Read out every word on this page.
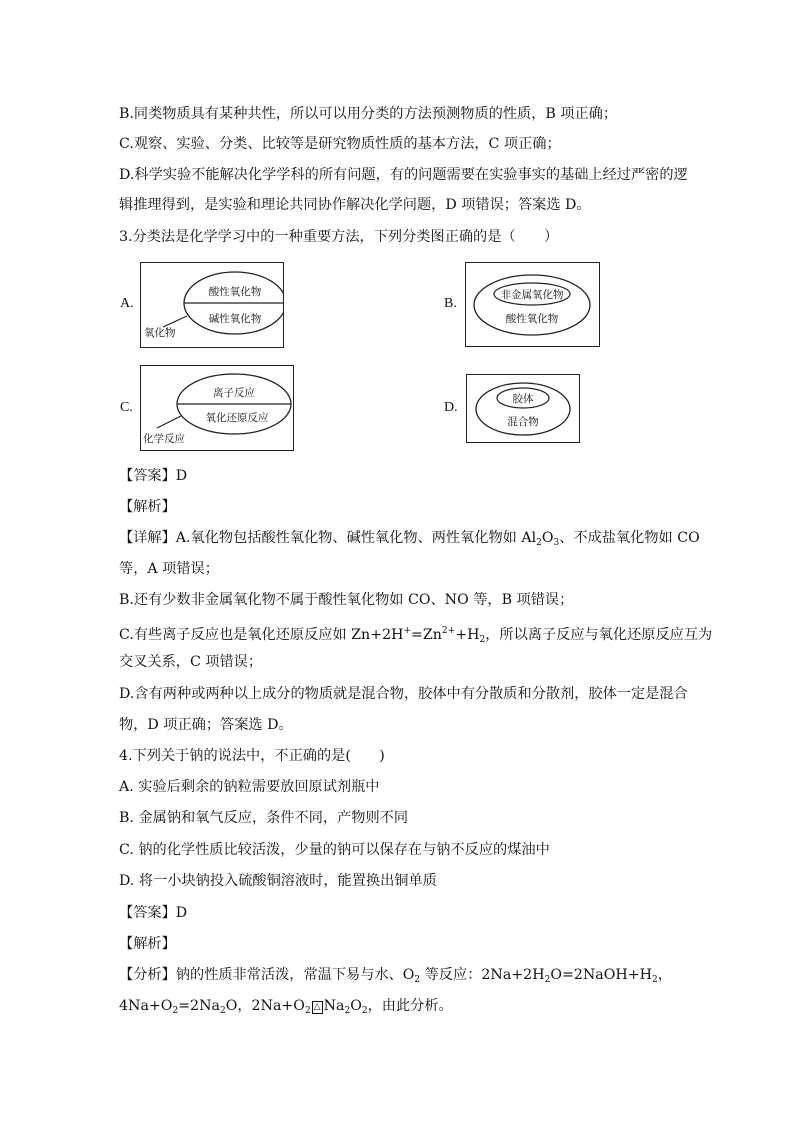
B.同类物质具有某种共性，所以可以用分类的方法预测物质的性质，B 项正确；
C.观察、实验、分类、比较等是研究物质性质的基本方法，C 项正确；
D.科学实验不能解决化学学科的所有问题，有的问题需要在实验事实的基础上经过严密的逻
辑推理得到，是实验和理论共同协作解决化学问题，D 项错误；答案选 D。
3.分类法是化学学习中的一种重要方法，下列分类图正确的是（　　）
A.
酸性氧化物
碱性氧化物
氧化物
B.
非金属氧化物
酸性氧化物
C.
离子反应
氧化还原反应
化学反应
D.
胶体
混合物
【答案】D
【解析】
【详解】A.氧化物包括酸性氧化物、碱性氧化物、两性氧化物如 $Al_2O_3$、不成盐氧化物如 CO
等，A 项错误；
B.还有少数非金属氧化物不属于酸性氧化物如 CO、NO 等，B 项错误；
C.有些离子反应也是氧化还原反应如 $Zn+2H^+=Zn^{2+}+H_2$，所以离子反应与氧化还原反应互为
交叉关系，C 项错误；
D.含有两种或两种以上成分的物质就是混合物，胶体中有分散质和分散剂，胶体一定是混合
物，D 项正确；答案选 D。
4.下列关于钠的说法中，不正确的是(　　)
A. 实验后剩余的钠粒需要放回原试剂瓶中
B. 金属钠和氧气反应，条件不同，产物则不同
C. 钠的化学性质比较活泼，少量的钠可以保存在与钠不反应的煤油中
D. 将一小块钠投入硫酸铜溶液时，能置换出铜单质
【答案】D
【解析】
【分析】钠的性质非常活泼，常温下易与水、$O_2$ 等反应：$2Na+2H_2O=2NaOH+H_2$，
$4Na+O_2=2Na_2O$，$2Na+O_2$ △ $Na_2O_2$，由此分析。
